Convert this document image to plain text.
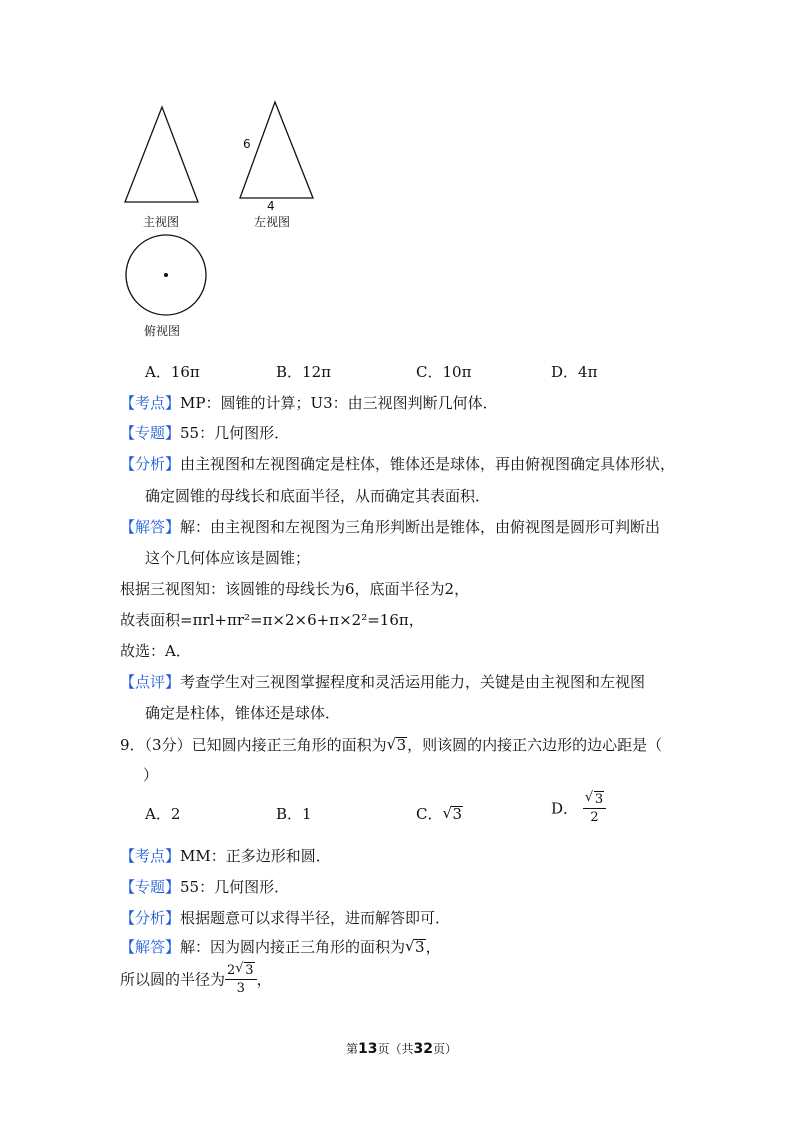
6
4
主视图	左视图
俯视图
A．16π	B．12π	C．10π	D．4π
【考点】MP：圆锥的计算；U3：由三视图判断几何体．
【专题】55：几何图形．
【分析】由主视图和左视图确定是柱体，锥体还是球体，再由俯视图确定具体形状，
确定圆锥的母线长和底面半径，从而确定其表面积．
【解答】解：由主视图和左视图为三角形判断出是锥体，由俯视图是圆形可判断出
这个几何体应该是圆锥；
根据三视图知：该圆锥的母线长为6，底面半径为2，
故表面积=πrl+πr²=π×2×6+π×2²=16π，
故选：A．
【点评】考查学生对三视图掌握程度和灵活运用能力，关键是由主视图和左视图
确定是柱体，锥体还是球体．
9．（3分）已知圆内接正三角形的面积为 √ 3，则该圆的内接正六边形的边心距是（
）
A．2	B．1	C． √ 3	D． $\frac{√ 3}{2}$
【考点】MM：正多边形和圆．
【专题】55：几何图形．
【分析】根据题意可以求得半径，进而解答即可．
【解答】解：因为圆内接正三角形的面积为 √ 3，
所以圆的半径为 $\frac{2 √ 3}{3}$ ，
第13页（共32页）
